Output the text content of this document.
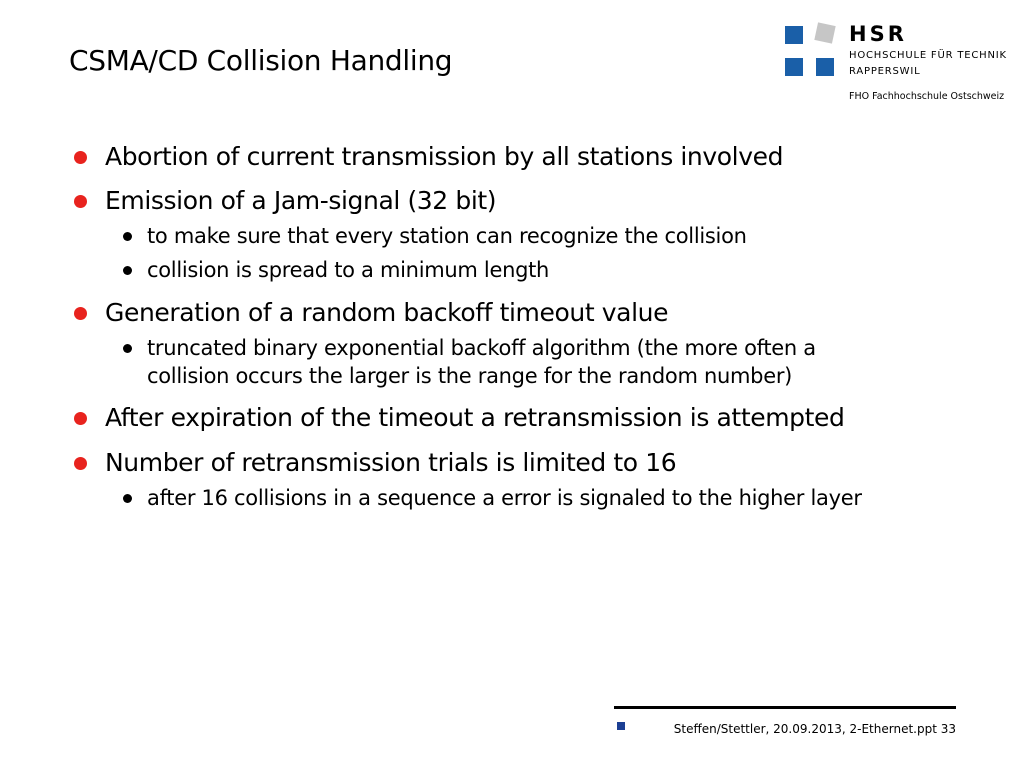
CSMA/CD Collision Handling
HSR
HOCHSCHULE FÜR TECHNIK
RAPPERSWIL
FHO Fachhochschule Ostschweiz
Abortion of current transmission by all stations involved
Emission of a Jam-signal (32 bit)
to make sure that every station can recognize the collision
collision is spread to a minimum length
Generation of a random backoff timeout value
truncated binary exponential backoff algorithm (the more often a
collision occurs the larger is the range for the random number)
After expiration of the timeout a retransmission is attempted
Number of retransmission trials is limited to 16
after 16 collisions in a sequence a error is signaled to the higher layer
Steffen/Stettler, 20.09.2013, 2-Ethernet.ppt 33
